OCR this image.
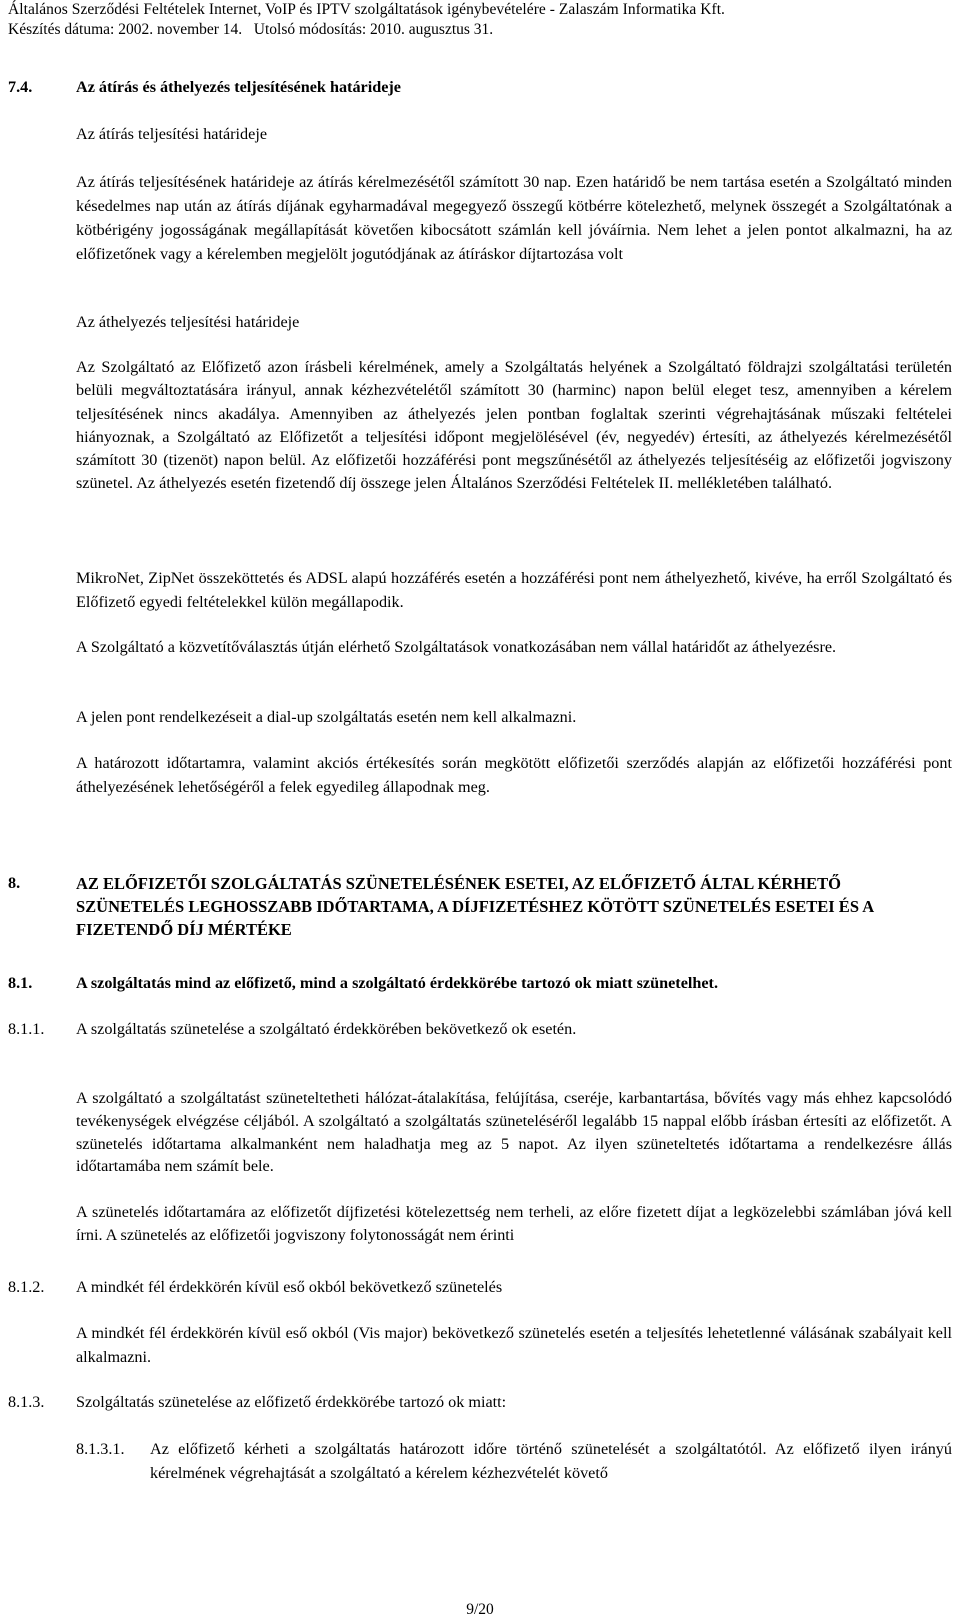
Általános Szerződési Feltételek Internet, VoIP és IPTV szolgáltatások igénybevételére - Zalaszám Informatika Kft.
Készítés dátuma: 2002. november 14.   Utolsó módosítás: 2010. augusztus 31.
7.4.	Az átírás és áthelyezés teljesítésének határideje
Az átírás teljesítési határideje
Az átírás teljesítésének határideje az átírás kérelmezésétől számított 30 nap. Ezen határidő be nem tartása esetén a Szolgáltató minden késedelmes nap után az átírás díjának egyharmadával megegyező összegű kötbérre kötelezhető, melynek összegét a Szolgáltatónak a kötbérigény jogosságának megállapítását követően kibocsátott számlán kell jóváírnia. Nem lehet a jelen pontot alkalmazni, ha az előfizetőnek vagy a kérelemben megjelölt jogutódjának az átíráskor díjtartozása volt
Az áthelyezés teljesítési határideje
Az Szolgáltató az Előfizető azon írásbeli kérelmének, amely a Szolgáltatás helyének a Szolgáltató földrajzi szolgáltatási területén belüli megváltoztatására irányul, annak kézhezvételétől számított 30 (harminc) napon belül eleget tesz, amennyiben a kérelem teljesítésének nincs akadálya. Amennyiben az áthelyezés jelen pontban foglaltak szerinti végrehajtásának műszaki feltételei hiányoznak, a Szolgáltató az Előfizetőt a teljesítési időpont megjelölésével (év, negyedév) értesíti, az áthelyezés kérelmezésétől számított 30 (tizenöt) napon belül. Az előfizetői hozzáférési pont megszűnésétől az áthelyezés teljesítéséig az előfizetői jogviszony szünetel. Az áthelyezés esetén fizetendő díj összege jelen Általános Szerződési Feltételek II. mellékletében található.
MikroNet, ZipNet összeköttetés és ADSL alapú hozzáférés esetén a hozzáférési pont nem áthelyezhető, kivéve, ha erről Szolgáltató és Előfizető egyedi feltételekkel külön megállapodik.
A Szolgáltató a közvetítőválasztás útján elérhető Szolgáltatások vonatkozásában nem vállal határidőt az áthelyezésre.
A jelen pont rendelkezéseit a dial-up szolgáltatás esetén nem kell alkalmazni.
A határozott időtartamra, valamint akciós értékesítés során megkötött előfizetői szerződés alapján az előfizetői hozzáférési pont áthelyezésének lehetőségéről a felek egyedileg állapodnak meg.
8.	AZ ELŐFIZETŐI SZOLGÁLTATÁS SZÜNETELÉSÉNEK ESETEI, AZ ELŐFIZETŐ ÁLTAL KÉRHETŐ SZÜNETELÉS LEGHOSSZABB IDŐTARTAMA, A DÍJFIZETÉSHEZ KÖTÖTT SZÜNETELÉS ESETEI ÉS A FIZETENDŐ DÍJ MÉRTÉKE
8.1.	A szolgáltatás mind az előfizető, mind a szolgáltató érdekkörébe tartozó ok miatt szünetelhet.
8.1.1. A szolgáltatás szünetelése a szolgáltató érdekkörében bekövetkező ok esetén.
A szolgáltató a szolgáltatást szüneteltetheti hálózat-átalakítása, felújítása, cseréje, karbantartása, bővítés vagy más ehhez kapcsolódó tevékenységek elvégzése céljából. A szolgáltató a szolgáltatás szüneteléséről legalább 15 nappal előbb írásban értesíti az előfizetőt. A szünetelés időtartama alkalmanként nem haladhatja meg az 5 napot. Az ilyen szüneteltetés időtartama a rendelkezésre állás időtartamába nem számít bele.
A szünetelés időtartamára az előfizetőt díjfizetési kötelezettség nem terheli, az előre fizetett díjat a legközelebbi számlában jóvá kell írni. A szünetelés az előfizetői jogviszony folytonosságát nem érinti
8.1.2. A mindkét fél érdekkörén kívül eső okból bekövetkező szünetelés
A mindkét fél érdekkörén kívül eső okból (Vis major) bekövetkező szünetelés esetén a teljesítés lehetetlenné válásának szabályait kell alkalmazni.
8.1.3. Szolgáltatás szünetelése az előfizető érdekkörébe tartozó ok miatt:
8.1.3.1. Az előfizető kérheti a szolgáltatás határozott időre történő szünetelését a szolgáltatótól. Az előfizető ilyen irányú kérelmének végrehajtását a szolgáltató a kérelem kézhezvételét követő
9/20
